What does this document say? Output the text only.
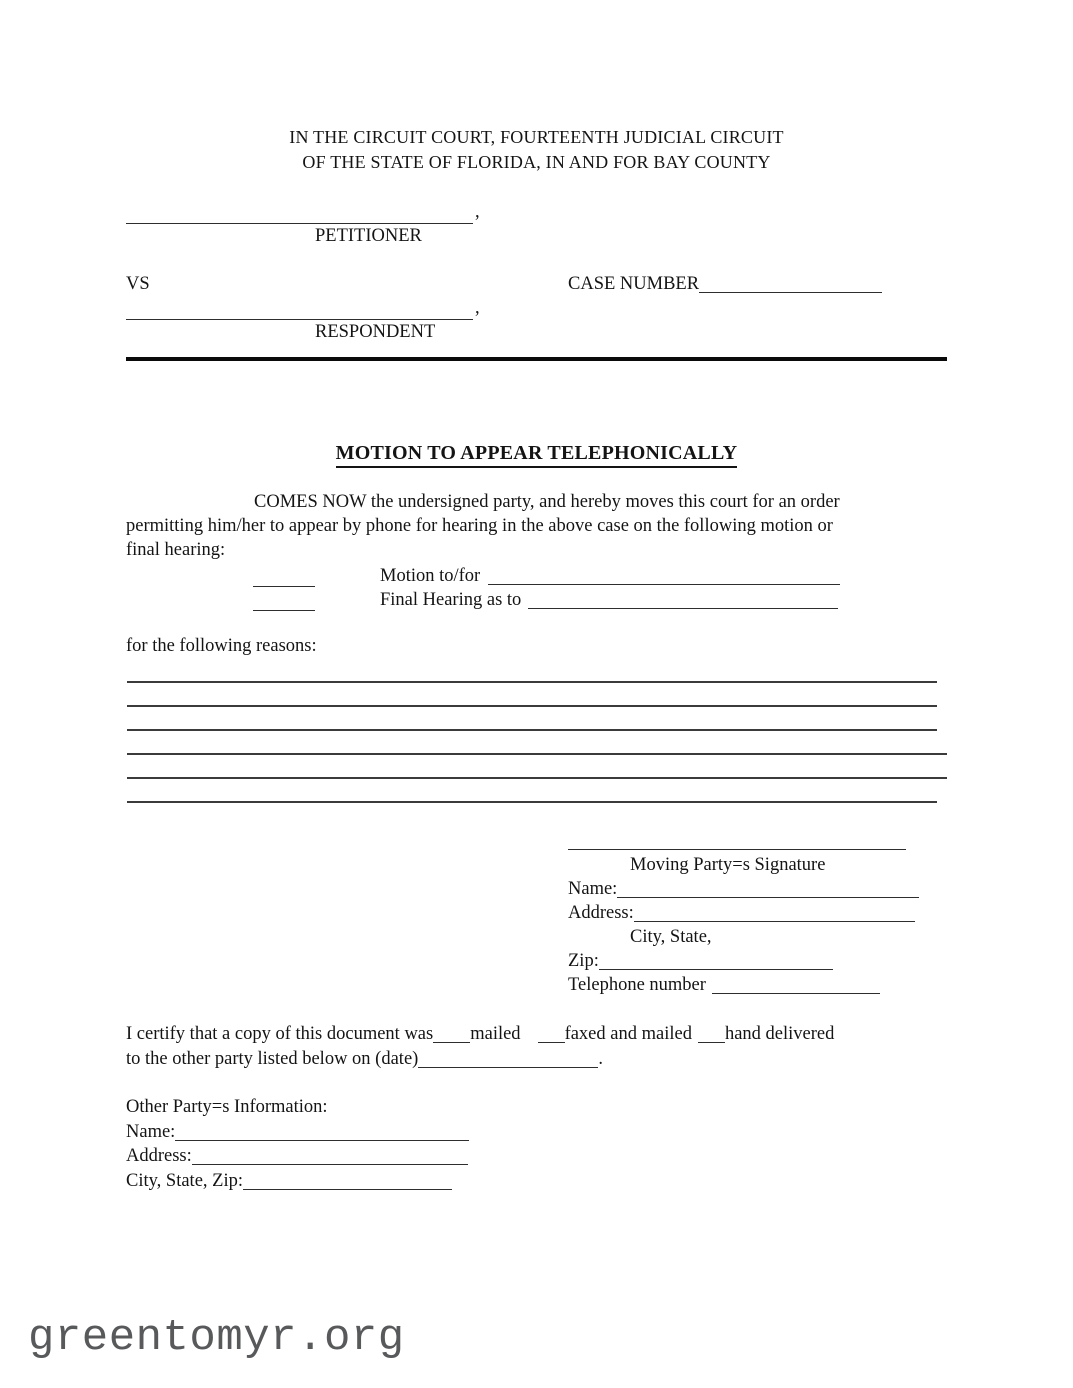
IN THE CIRCUIT COURT, FOURTEENTH JUDICIAL CIRCUIT
OF THE STATE OF FLORIDA, IN AND FOR BAY COUNTY
,
PETITIONER
VS	CASE NUMBER
,
RESPONDENT
MOTION TO APPEAR TELEPHONICALLY
COMES NOW the undersigned party, and hereby moves this court for an order
permitting him/her to appear by phone for hearing in the above case on the following motion or
final hearing:
Motion to/for
Final Hearing as to
for the following reasons:
Moving Party=s Signature
Name:
Address:
City, State,
Zip:
Telephone number
I certify that a copy of this document was mailed faxed and mailed hand delivered
to the other party listed below on (date)	.
Other Party=s Information:
Name:
Address:
City, State, Zip:
greentomyr.org
